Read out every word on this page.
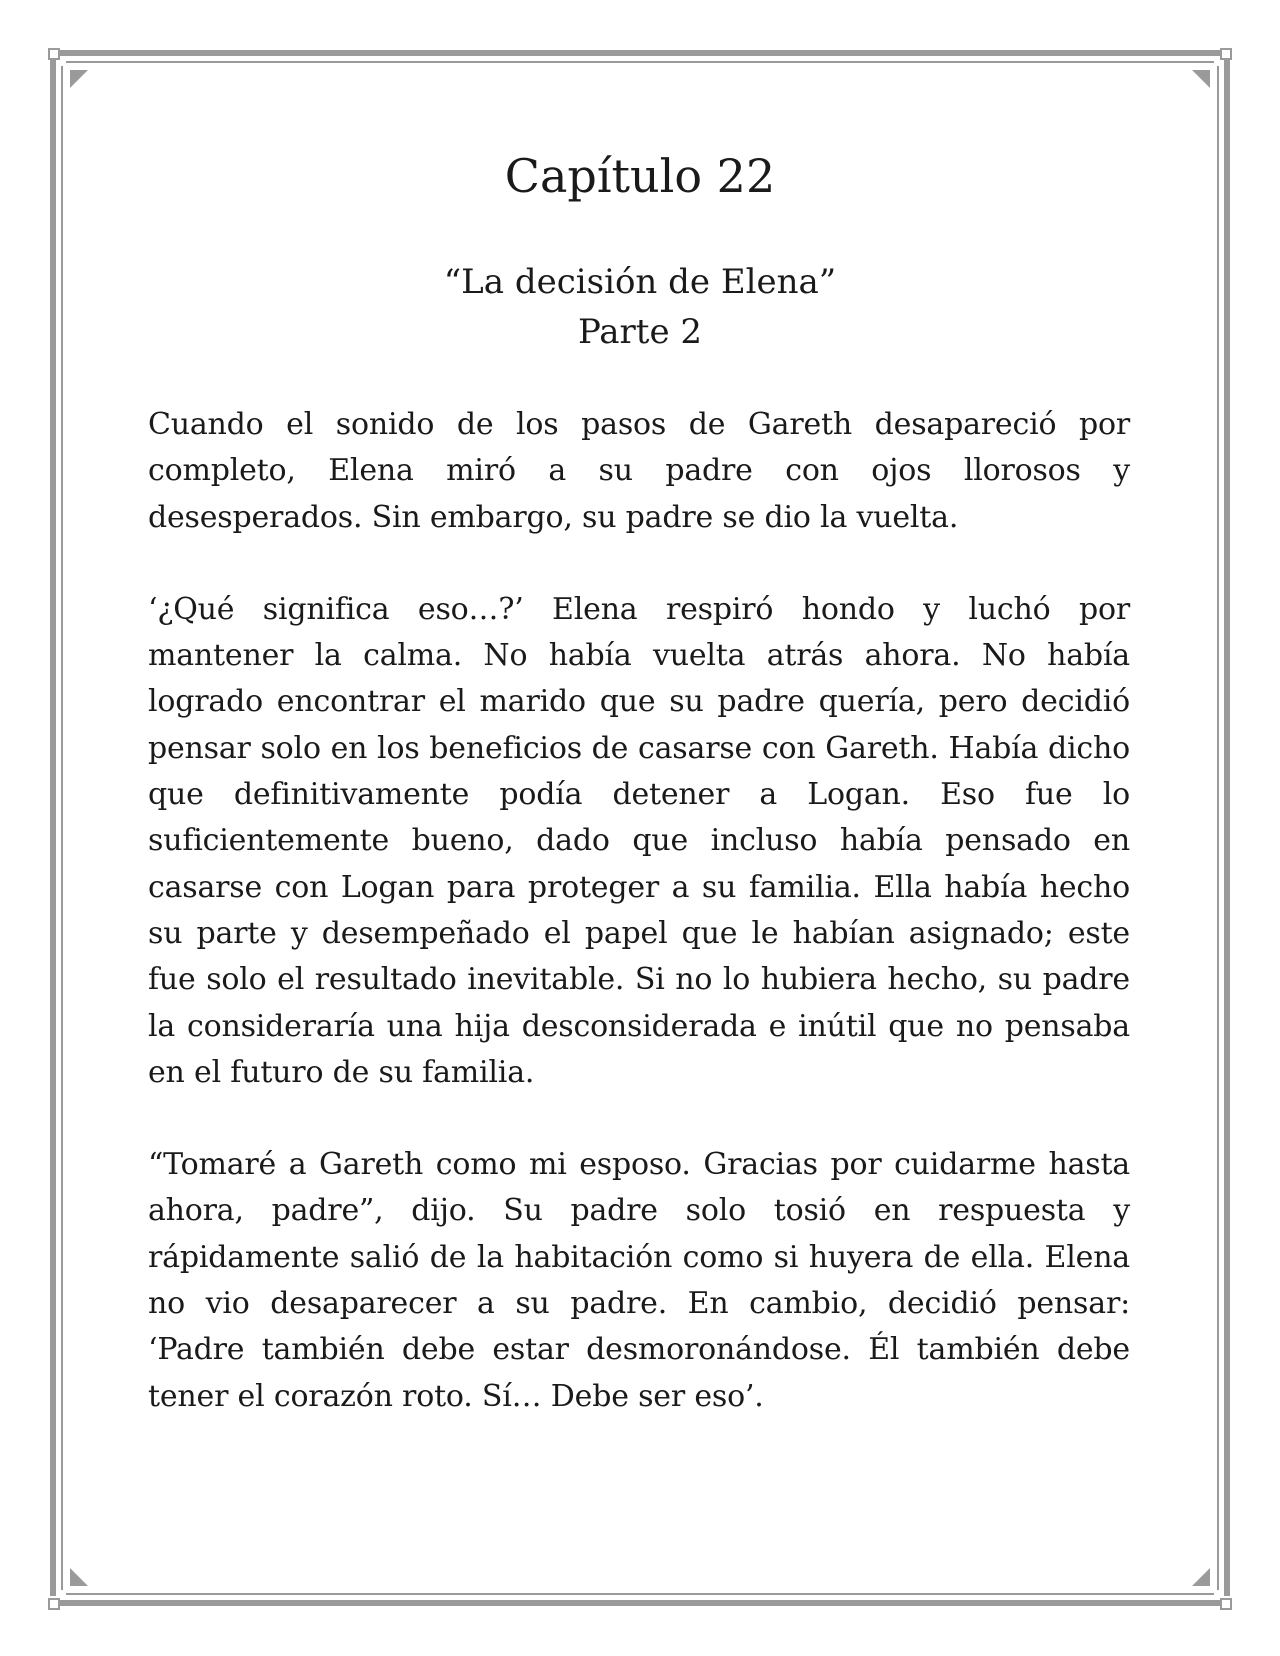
Capítulo 22
“La decisión de Elena”
Parte 2

Cuando el sonido de los pasos de Gareth desapareció por completo, Elena miró a su padre con ojos llorosos y desesperados. Sin embargo, su padre se dio la vuelta.

‘¿Qué significa eso…?’ Elena respiró hondo y luchó por mantener la calma. No había vuelta atrás ahora. No había logrado encontrar el marido que su padre quería, pero decidió pensar solo en los beneficios de casarse con Gareth. Había dicho que definitivamente podía detener a Logan. Eso fue lo suficientemente bueno, dado que incluso había pensado en casarse con Logan para proteger a su familia. Ella había hecho su parte y desempeñado el papel que le habían asignado; este fue solo el resultado inevitable. Si no lo hubiera hecho, su padre la consideraría una hija desconsiderada e inútil que no pensaba en el futuro de su familia.

“Tomaré a Gareth como mi esposo. Gracias por cuidarme hasta ahora, padre”, dijo. Su padre solo tosió en respuesta y rápidamente salió de la habitación como si huyera de ella. Elena no vio desaparecer a su padre. En cambio, decidió pensar: ‘Padre también debe estar desmoronándose. Él también debe tener el corazón roto. Sí… Debe ser eso’.
